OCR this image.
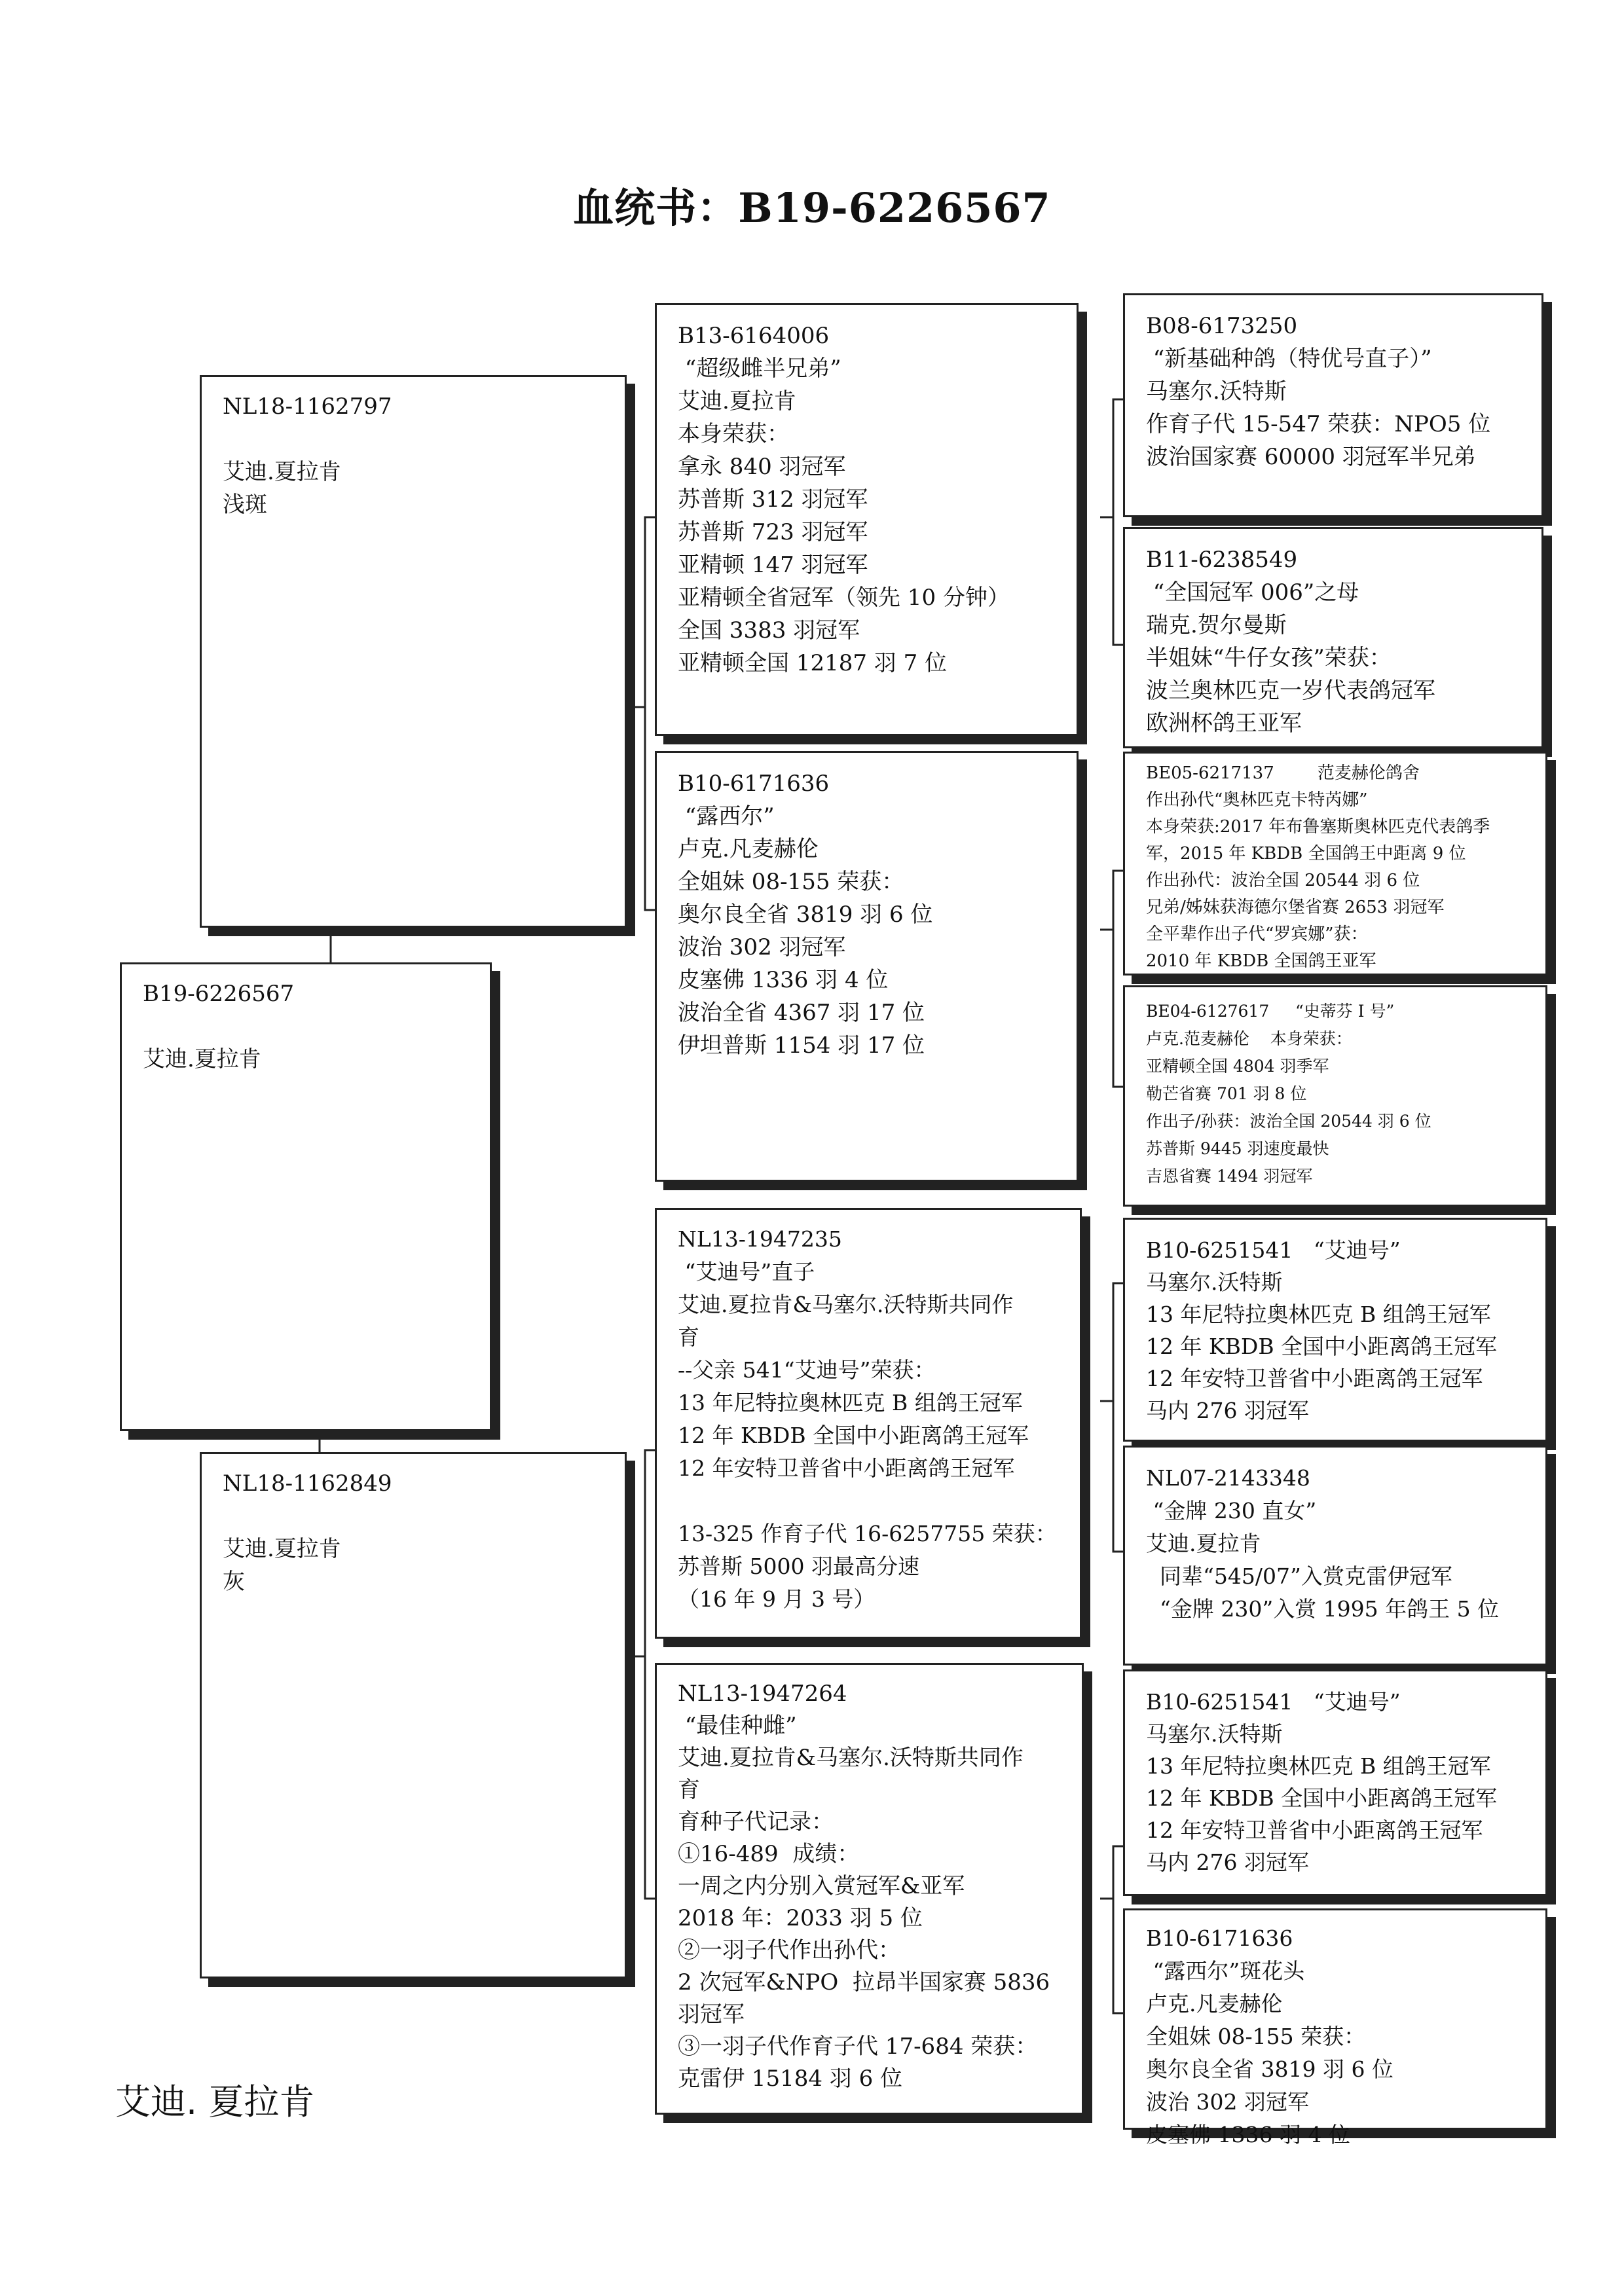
血统书：B19-6226567
B19-6226567

艾迪.夏拉肯
NL18-1162797

艾迪.夏拉肯
浅斑
NL18-1162849

艾迪.夏拉肯
灰
B13-6164006
“超级雌半兄弟”
艾迪.夏拉肯
本身荣获：
拿永 840 羽冠军
苏普斯 312 羽冠军
苏普斯 723 羽冠军
亚精顿 147 羽冠军
亚精顿全省冠军（领先 10 分钟）
全国 3383 羽冠军
亚精顿全国 12187 羽 7 位
B10-6171636
“露西尔”
卢克.凡麦赫伦
全姐妹 08-155 荣获：
奥尔良全省 3819 羽 6 位
波治 302 羽冠军
皮塞佛 1336 羽 4 位
波治全省 4367 羽 17 位
伊坦普斯 1154 羽 17 位
NL13-1947235
“艾迪号”直子
艾迪.夏拉肯&马塞尔.沃特斯共同作
育
--父亲 541“艾迪号”荣获：
13 年尼特拉奥林匹克 B 组鸽王冠军
12 年 KBDB 全国中小距离鸽王冠军
12 年安特卫普省中小距离鸽王冠军

13-325 作育子代 16-6257755 荣获：
苏普斯 5000 羽最高分速
（16 年 9 月 3 号）
NL13-1947264
“最佳种雌”
艾迪.夏拉肯&马塞尔.沃特斯共同作
育
育种子代记录：
①16-489  成绩：
一周之内分别入赏冠军&亚军
2018 年：2033 羽 5 位
②一羽子代作出孙代：
2 次冠军&NPO  拉昂半国家赛 5836
羽冠军
③一羽子代作育子代 17-684 荣获：
克雷伊 15184 羽 6 位
B08-6173250
“新基础种鸽（特优号直子）”
马塞尔.沃特斯
作育子代 15-547 荣获：NPO5 位
波治国家赛 60000 羽冠军半兄弟
B11-6238549
“全国冠军 006”之母
瑞克.贺尔曼斯
半姐妹“牛仔女孩”荣获：
波兰奥林匹克一岁代表鸽冠军
欧洲杯鸽王亚军
BE05-6217137        范麦赫伦鸽舍
作出孙代“奥林匹克卡特芮娜”
本身荣获:2017 年布鲁塞斯奥林匹克代表鸽季
军，2015 年 KBDB 全国鸽王中距离 9 位
作出孙代：波治全国 20544 羽 6 位
兄弟/姊妹获海德尔堡省赛 2653 羽冠军
全平辈作出子代“罗宾娜”获：
2010 年 KBDB 全国鸽王亚军
BE04-6127617     “史蒂芬 I 号”
卢克.范麦赫伦    本身荣获：
亚精顿全国 4804 羽季军
勒芒省赛 701 羽 8 位
作出子/孙获：波治全国 20544 羽 6 位
苏普斯 9445 羽速度最快
吉恩省赛 1494 羽冠军
B10-6251541   “艾迪号”
马塞尔.沃特斯
13 年尼特拉奥林匹克 B 组鸽王冠军
12 年 KBDB 全国中小距离鸽王冠军
12 年安特卫普省中小距离鸽王冠军
马内 276 羽冠军
NL07-2143348
“金牌 230 直女”
艾迪.夏拉肯
同辈“545/07”入赏克雷伊冠军
“金牌 230”入赏 1995 年鸽王 5 位
B10-6251541   “艾迪号”
马塞尔.沃特斯
13 年尼特拉奥林匹克 B 组鸽王冠军
12 年 KBDB 全国中小距离鸽王冠军
12 年安特卫普省中小距离鸽王冠军
马内 276 羽冠军
B10-6171636
“露西尔”斑花头
卢克.凡麦赫伦
全姐妹 08-155 荣获：
奥尔良全省 3819 羽 6 位
波治 302 羽冠军
皮塞佛 1336 羽 4 位
艾迪. 夏拉肯
